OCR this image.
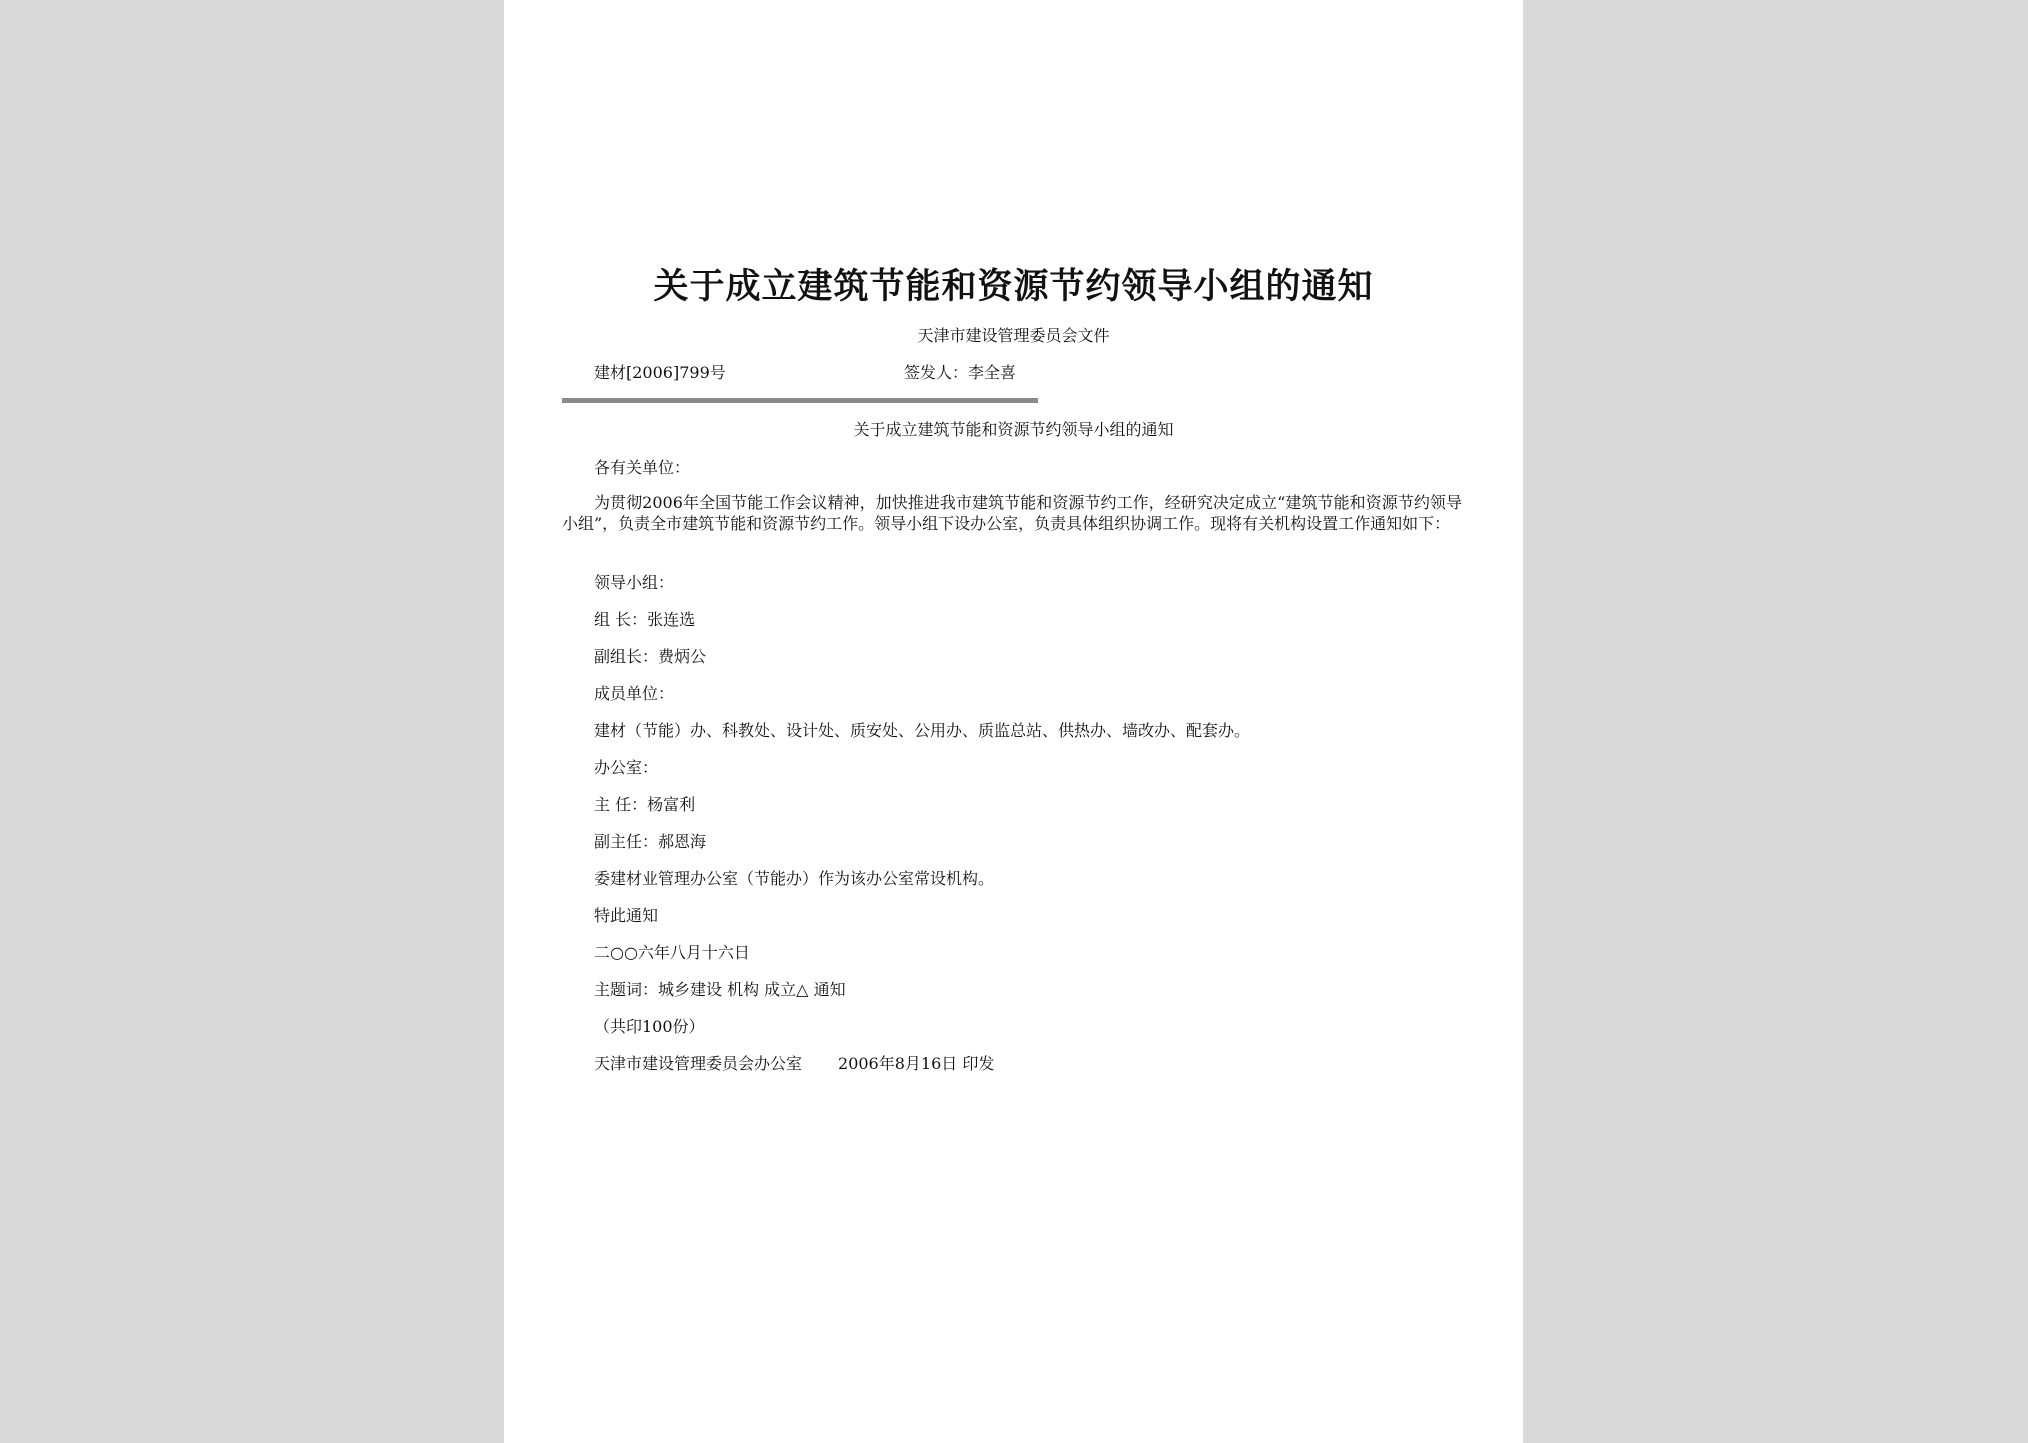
关于成立建筑节能和资源节约领导小组的通知
天津市建设管理委员会文件
建材[2006]799号	签发人：李全喜
关于成立建筑节能和资源节约领导小组的通知
各有关单位：
为贯彻2006年全国节能工作会议精神，加快推进我市建筑节能和资源节约工作，经研究决定成立“建筑节能和资源节约领导小组”，负责全市建筑节能和资源节约工作。领导小组下设办公室，负责具体组织协调工作。现将有关机构设置工作通知如下：
领导小组：
组 长：张连选
副组长：费炳公
成员单位：
建材（节能）办、科教处、设计处、质安处、公用办、质监总站、供热办、墙改办、配套办。
办公室：
主 任：杨富利
副主任：郝恩海
委建材业管理办公室（节能办）作为该办公室常设机构。
特此通知
二○○六年八月十六日
主题词：城乡建设 机构 成立△ 通知
（共印100份）
天津市建设管理委员会办公室 2006年8月16日 印发
